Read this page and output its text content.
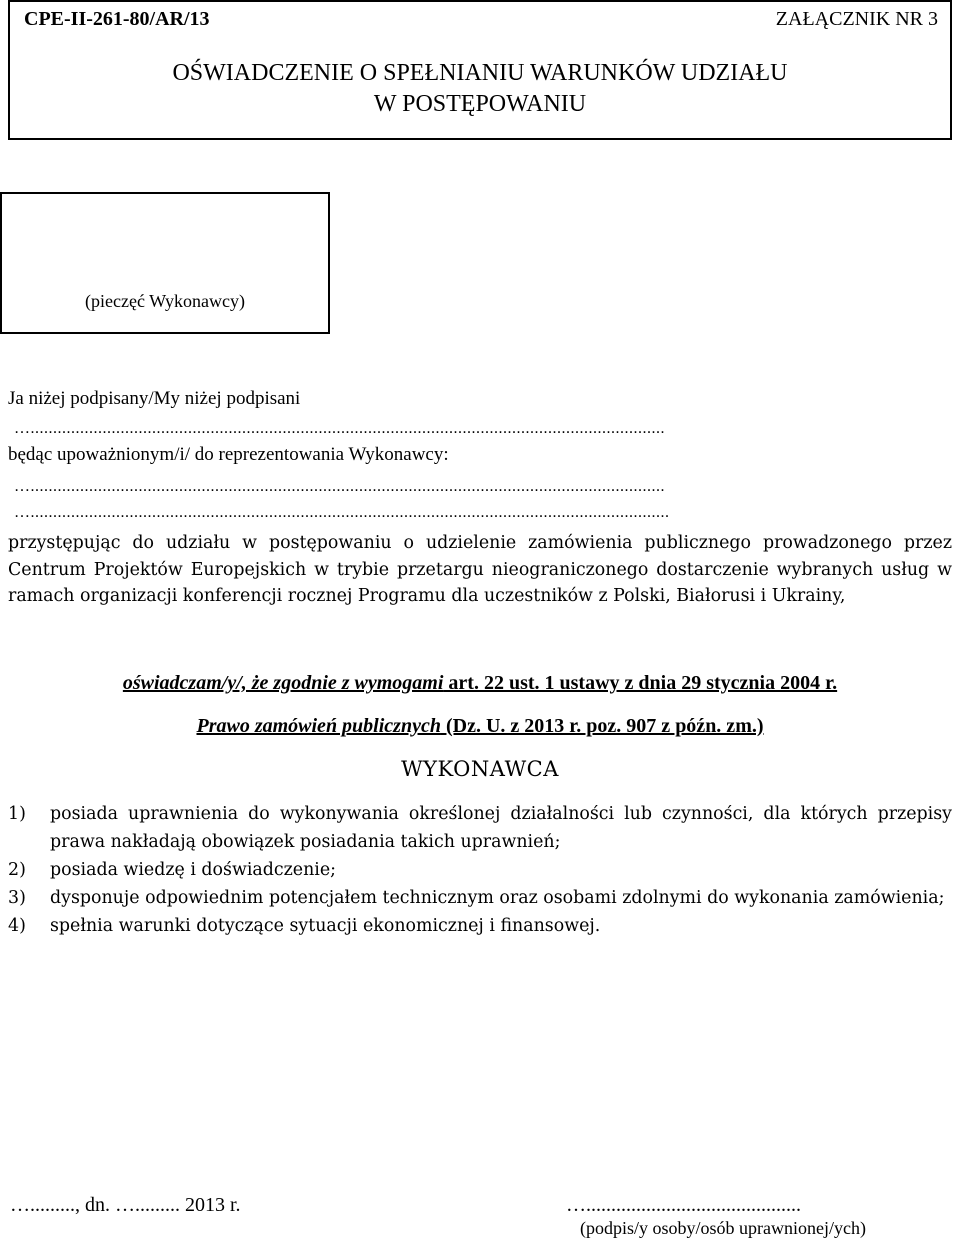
CPE-II-261-80/AR/13	ZAŁĄCZNIK NR 3
OŚWIADCZENIE O SPEŁNIANIU WARUNKÓW UDZIAŁU
W POSTĘPOWANIU
(pieczęć Wykonawcy)
Ja niżej podpisany/My niżej podpisani
….............................................................................................................................................
będąc upoważnionym/i/ do reprezentowania Wykonawcy:
….............................................................................................................................................
…..............................................................................................................................................
przystępując do udziału w postępowaniu o udzielenie zamówienia publicznego prowadzonego przez Centrum Projektów Europejskich w trybie przetargu nieograniczonego dostarczenie wybranych usług w ramach organizacji konferencji rocznej Programu dla uczestników z Polski, Białorusi i Ukrainy,
oświadczam/y/, że zgodnie z wymogami art. 22 ust. 1 ustawy z dnia 29 stycznia 2004 r.
Prawo zamówień publicznych (Dz. U. z 2013 r. poz. 907 z późn. zm.)
WYKONAWCA
1) posiada uprawnienia do wykonywania określonej działalności lub czynności, dla których przepisy prawa nakładają obowiązek posiadania takich uprawnień;
2) posiada wiedzę i doświadczenie;
3) dysponuje odpowiednim potencjałem technicznym oraz osobami zdolnymi do wykonania zamówienia;
4) spełnia warunki dotyczące sytuacji ekonomicznej i finansowej.
…........., dn. …......... 2013 r.	…...........................................
(podpis/y osoby/osób uprawnionej/ych)
